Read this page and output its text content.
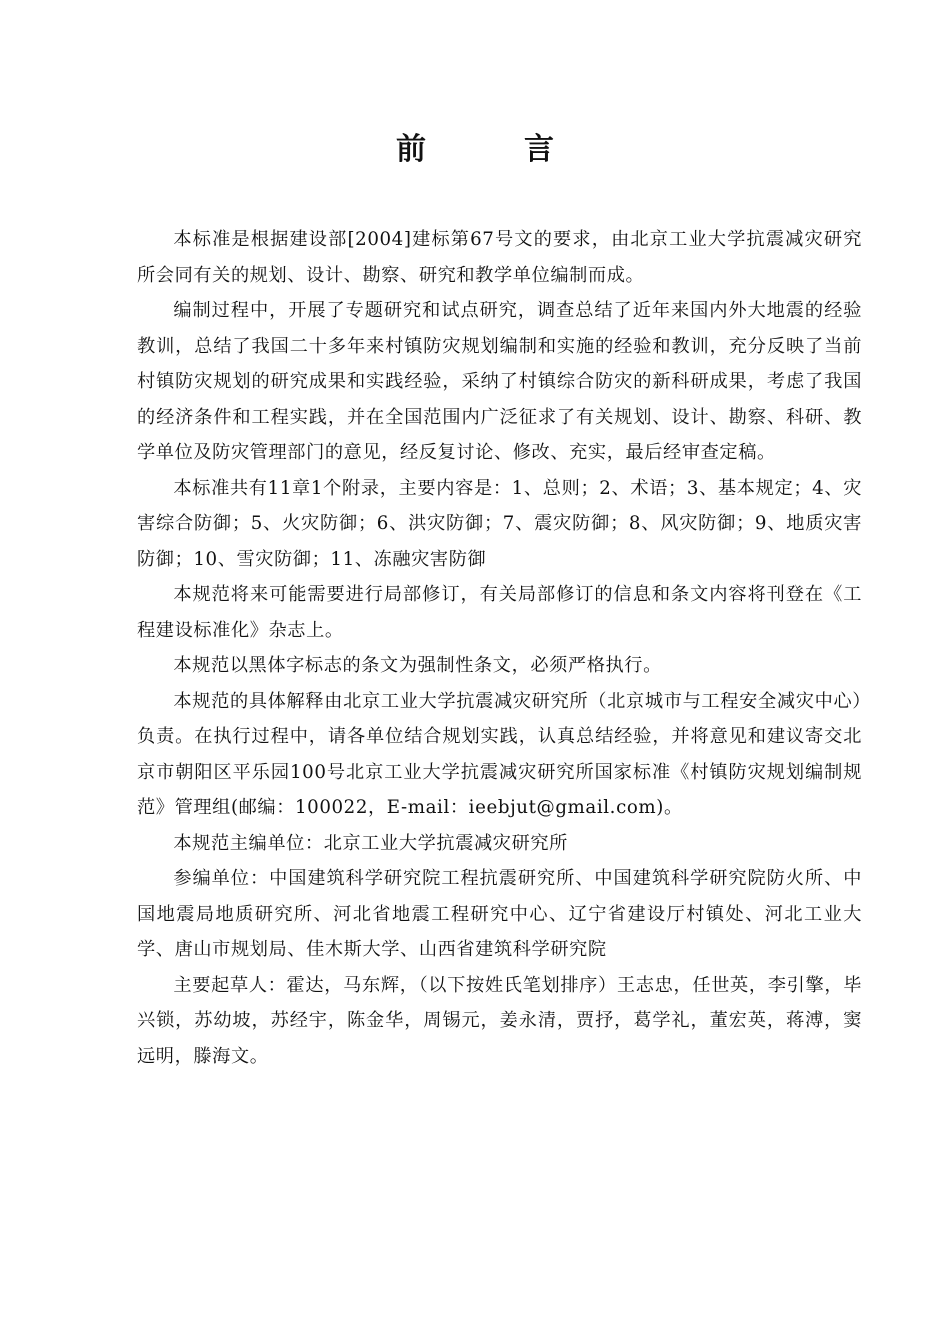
前　言

本标准是根据建设部[2004]建标第67号文的要求，由北京工业大学抗震减灾研究所会同有关的规划、设计、勘察、研究和教学单位编制而成。

编制过程中，开展了专题研究和试点研究，调查总结了近年来国内外大地震的经验教训，总结了我国二十多年来村镇防灾规划编制和实施的经验和教训，充分反映了当前村镇防灾规划的研究成果和实践经验，采纳了村镇综合防灾的新科研成果，考虑了我国的经济条件和工程实践，并在全国范围内广泛征求了有关规划、设计、勘察、科研、教学单位及防灾管理部门的意见，经反复讨论、修改、充实，最后经审查定稿。

本标准共有11章1个附录，主要内容是：1、总则；2、术语；3、基本规定；4、灾害综合防御；5、火灾防御；6、洪灾防御；7、震灾防御；8、风灾防御；9、地质灾害防御；10、雪灾防御；11、冻融灾害防御

本规范将来可能需要进行局部修订，有关局部修订的信息和条文内容将刊登在《工程建设标准化》杂志上。

本规范以黑体字标志的条文为强制性条文，必须严格执行。

本规范的具体解释由北京工业大学抗震减灾研究所（北京城市与工程安全减灾中心）负责。在执行过程中，请各单位结合规划实践，认真总结经验，并将意见和建议寄交北京市朝阳区平乐园100号北京工业大学抗震减灾研究所国家标准《村镇防灾规划编制规范》管理组(邮编：100022，E-mail：ieebjut@gmail.com)。

本规范主编单位：北京工业大学抗震减灾研究所

参编单位：中国建筑科学研究院工程抗震研究所、中国建筑科学研究院防火所、中国地震局地质研究所、河北省地震工程研究中心、辽宁省建设厅村镇处、河北工业大学、唐山市规划局、佳木斯大学、山西省建筑科学研究院

主要起草人：霍达，马东辉，（以下按姓氏笔划排序）王志忠，任世英，李引擎，毕兴锁，苏幼坡，苏经宇，陈金华，周锡元，姜永清，贾抒，葛学礼，董宏英，蒋溥，窦远明，滕海文。
